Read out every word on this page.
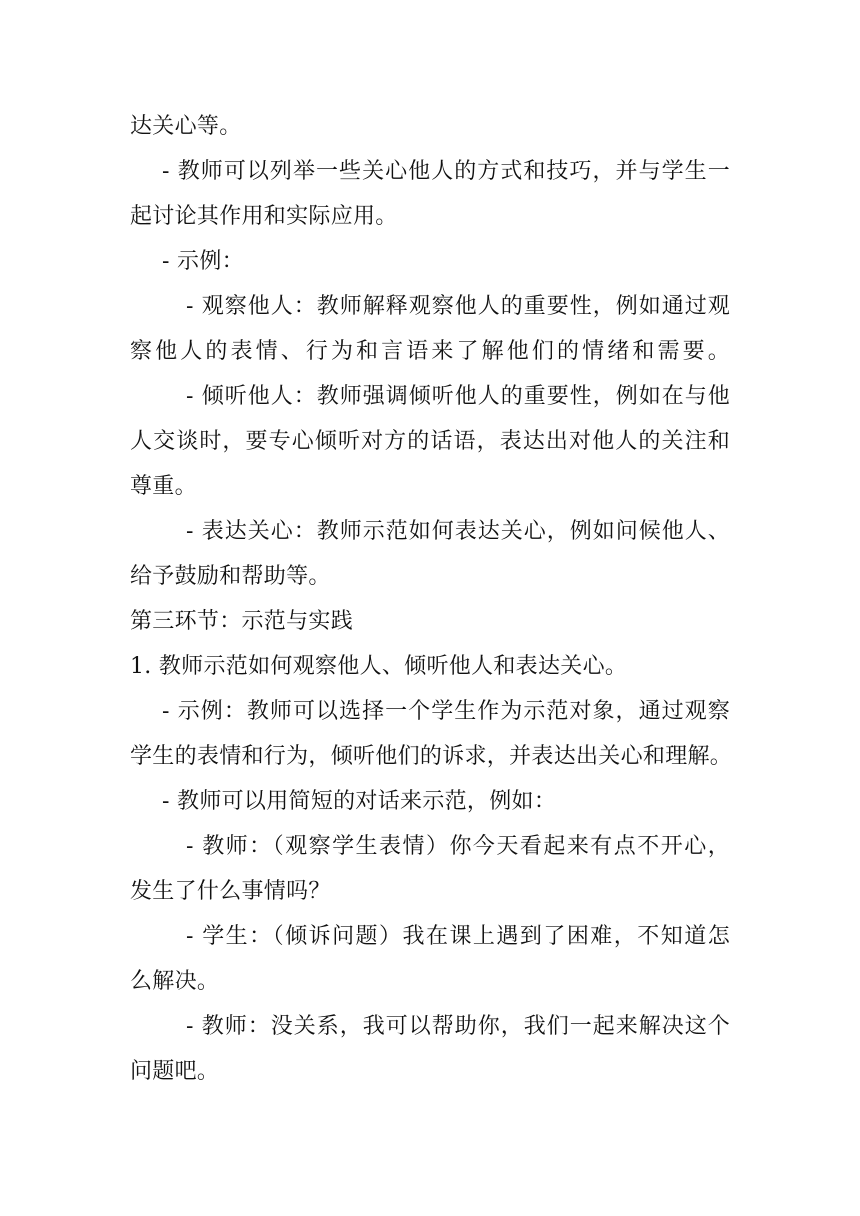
达关心等。
- 教师可以列举一些关心他人的方式和技巧，并与学生一
起讨论其作用和实际应用。
- 示例：
- 观察他人：教师解释观察他人的重要性，例如通过观
察他人的表情、行为和言语来了解他们的情绪和需要。
- 倾听他人：教师强调倾听他人的重要性，例如在与他
人交谈时，要专心倾听对方的话语，表达出对他人的关注和
尊重。
- 表达关心：教师示范如何表达关心，例如问候他人、
给予鼓励和帮助等。
第三环节：示范与实践
1. 教师示范如何观察他人、倾听他人和表达关心。
- 示例：教师可以选择一个学生作为示范对象，通过观察
学生的表情和行为，倾听他们的诉求，并表达出关心和理解。
- 教师可以用简短的对话来示范，例如：
- 教师：（观察学生表情）你今天看起来有点不开心，
发生了什么事情吗？
- 学生：（倾诉问题）我在课上遇到了困难，不知道怎
么解决。
- 教师：没关系，我可以帮助你，我们一起来解决这个
问题吧。
